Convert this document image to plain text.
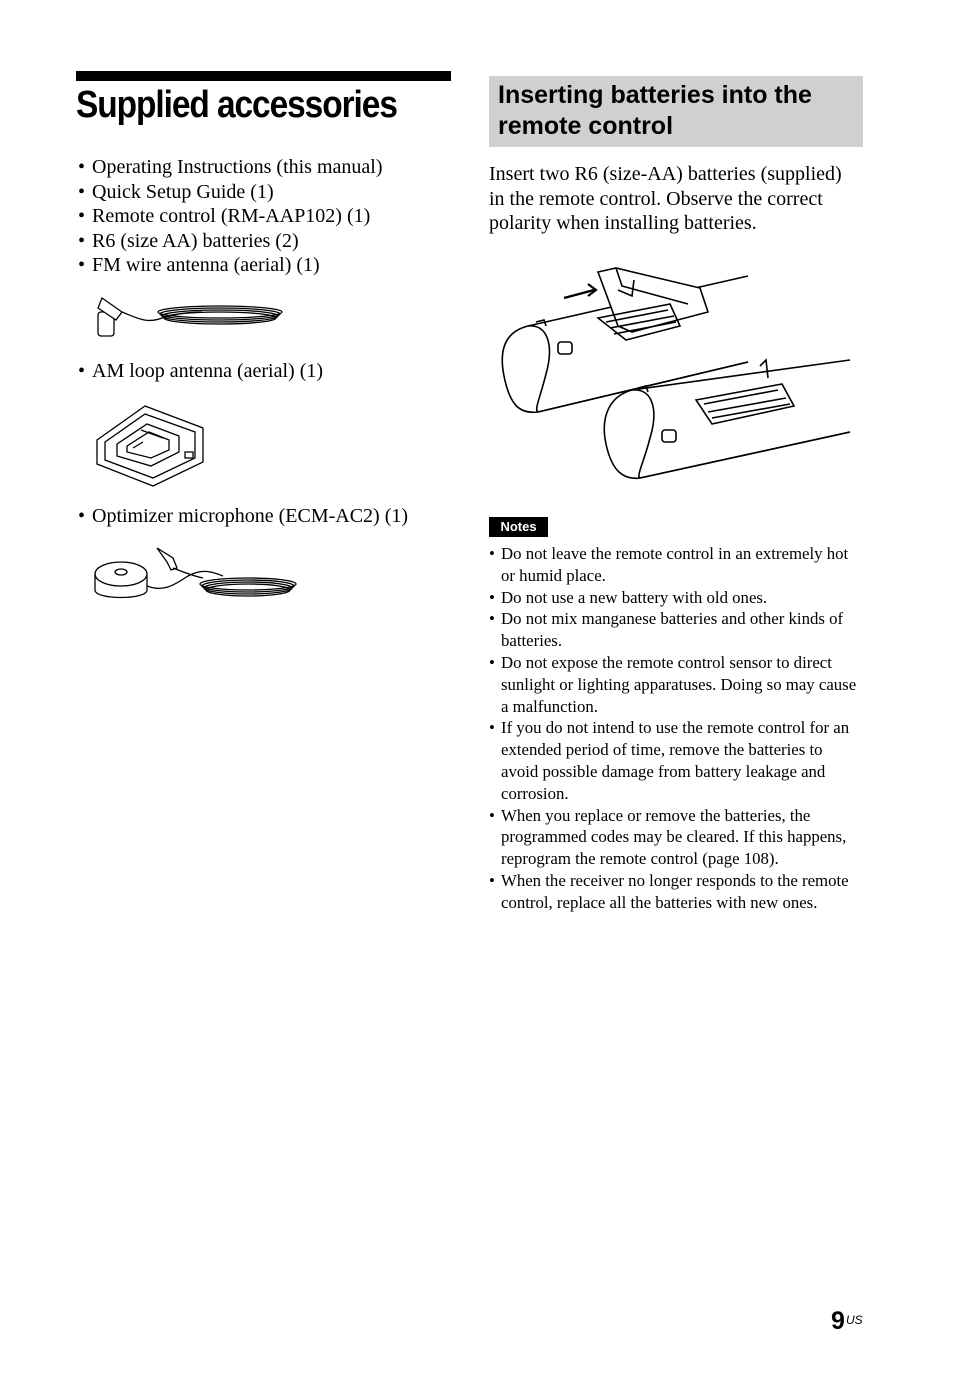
Supplied accessories
• Operating Instructions (this manual)
• Quick Setup Guide (1)
• Remote control (RM-AAP102) (1)
• R6 (size AA) batteries (2)
• FM wire antenna (aerial) (1)
• AM loop antenna (aerial) (1)
• Optimizer microphone (ECM-AC2) (1)
Inserting batteries into the remote control

Insert two R6 (size-AA) batteries (supplied) in the remote control. Observe the correct polarity when installing batteries.

Notes
• Do not leave the remote control in an extremely hot or humid place.
• Do not use a new battery with old ones.
• Do not mix manganese batteries and other kinds of batteries.
• Do not expose the remote control sensor to direct sunlight or lighting apparatuses. Doing so may cause a malfunction.
• If you do not intend to use the remote control for an extended period of time, remove the batteries to avoid possible damage from battery leakage and corrosion.
• When you replace or remove the batteries, the programmed codes may be cleared. If this happens, reprogram the remote control (page 108).
• When the receiver no longer responds to the remote control, replace all the batteries with new ones.
9 US
